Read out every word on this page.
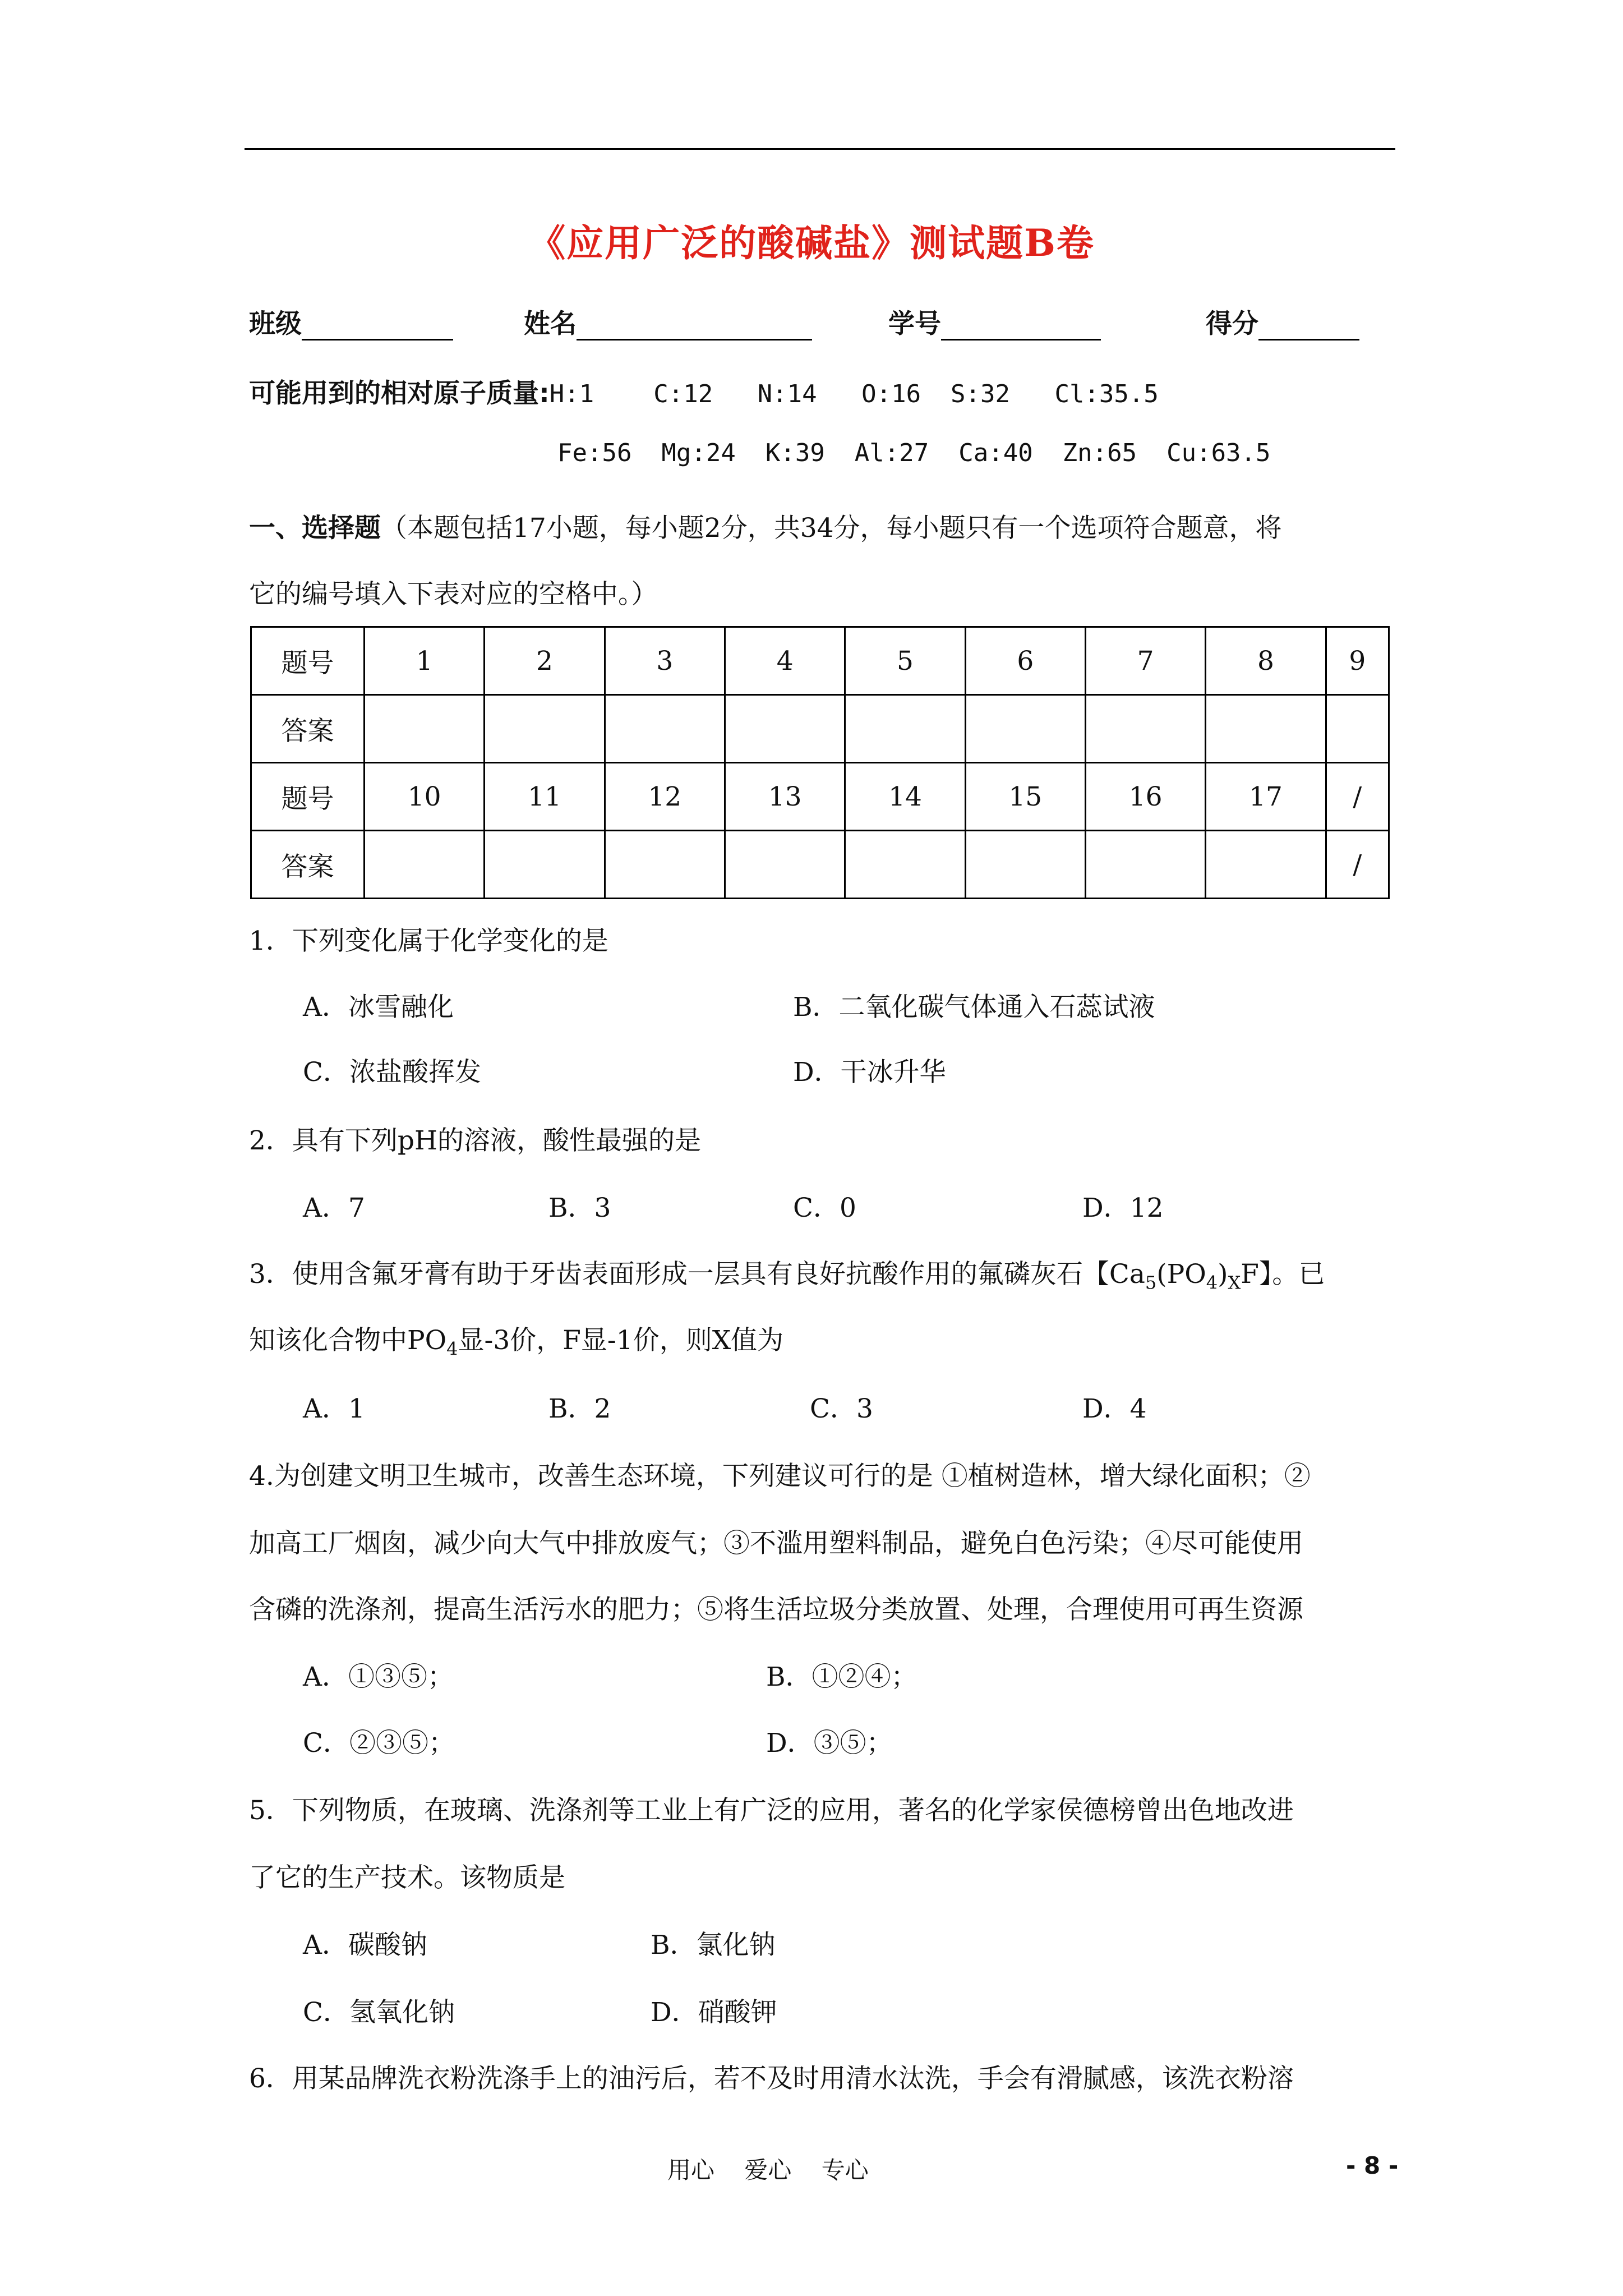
《应用广泛的酸碱盐》测试题B卷
班级	姓名	学号	得分
可能用到的相对原子质量:H:1    C:12   N:14   O:16  S:32   Cl:35.5
Fe:56  Mg:24  K:39  Al:27  Ca:40  Zn:65  Cu:63.5
一、选择题（本题包括17小题，每小题2分，共34分，每小题只有一个选项符合题意，将
它的编号填入下表对应的空格中。）
题号	1	2	3	4	5	6	7	8	9
答案									
题号	10	11	12	13	14	15	16	17	/
答案									/
1．下列变化属于化学变化的是
A．冰雪融化	B．二氧化碳气体通入石蕊试液
C．浓盐酸挥发	D．干冰升华
2．具有下列pH的溶液，酸性最强的是
A．7	B．3	C．0	D．12
3．使用含氟牙膏有助于牙齿表面形成一层具有良好抗酸作用的氟磷灰石【$Ca_5(PO_4)_XF$】。已
知该化合物中$PO_4$显-3价，F显-1价，则X值为
A．1	B．2	C．3	D．4
4.为创建文明卫生城市，改善生态环境，下列建议可行的是 ①植树造林，增大绿化面积；②
加高工厂烟囱，减少向大气中排放废气；③不滥用塑料制品，避免白色污染；④尽可能使用
含磷的洗涤剂，提高生活污水的肥力；⑤将生活垃圾分类放置、处理，合理使用可再生资源
A．①③⑤；	B．①②④；
C．②③⑤；	D．③⑤；
5．下列物质，在玻璃、洗涤剂等工业上有广泛的应用，著名的化学家侯德榜曾出色地改进
了它的生产技术。该物质是
A．碳酸钠	B．氯化钠
C．氢氧化钠	D．硝酸钾
6．用某品牌洗衣粉洗涤手上的油污后，若不及时用清水汰洗，手会有滑腻感，该洗衣粉溶
用心    爱心    专心	- 8 -
